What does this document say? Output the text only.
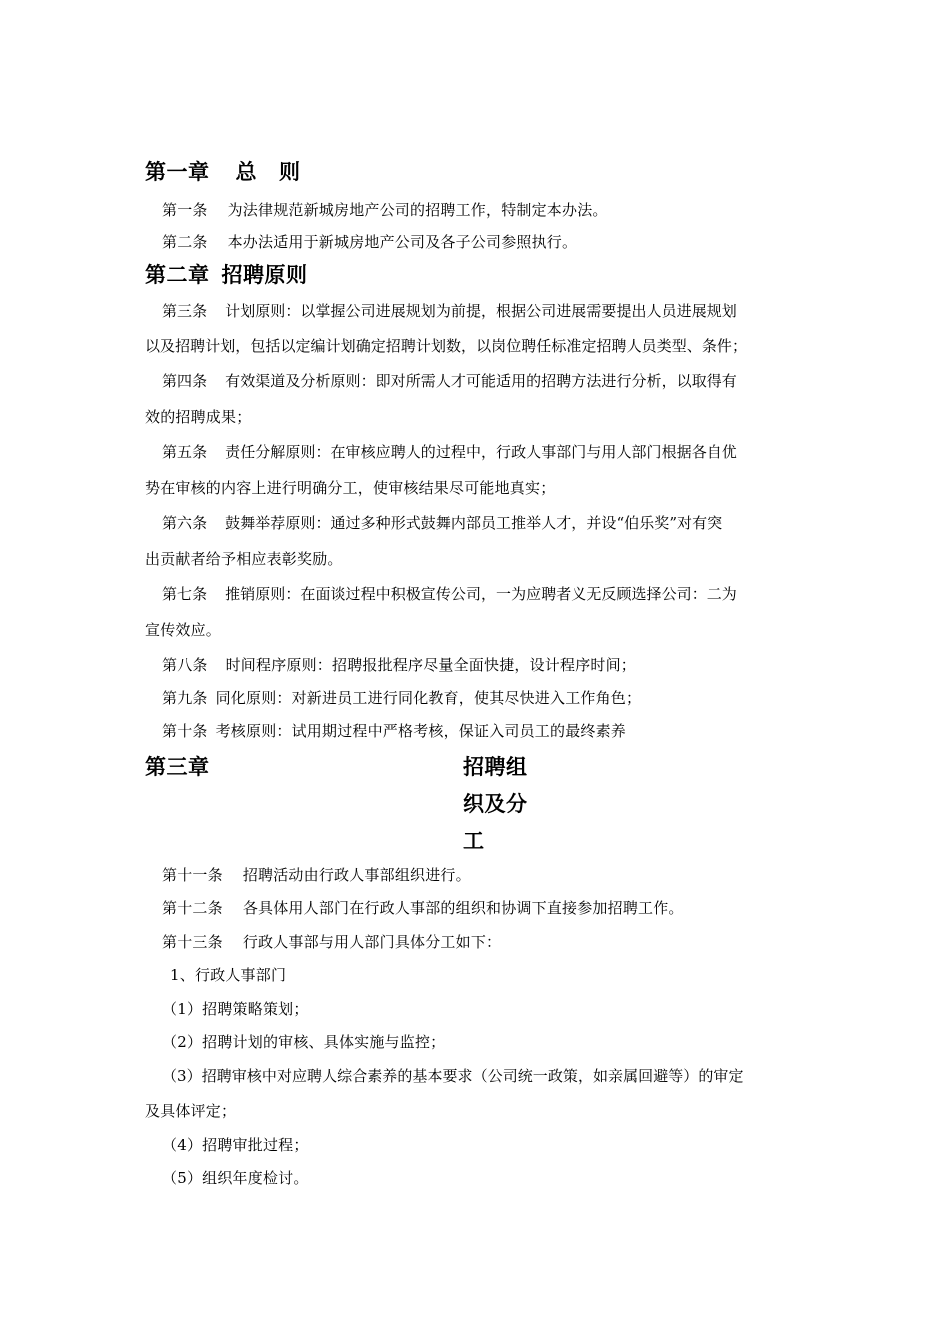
第一章 总 则
第一条 为法律规范新城房地产公司的招聘工作，特制定本办法。
第二条 本办法适用于新城房地产公司及各子公司参照执行。
第二章 招聘原则
第三条 计划原则：以掌握公司进展规划为前提，根据公司进展需要提出人员进展规划
以及招聘计划，包括以定编计划确定招聘计划数，以岗位聘任标准定招聘人员类型、条件；
第四条 有效渠道及分析原则：即对所需人才可能适用的招聘方法进行分析，以取得有
效的招聘成果；
第五条 责任分解原则：在审核应聘人的过程中，行政人事部门与用人部门根据各自优
势在审核的内容上进行明确分工，使审核结果尽可能地真实；
第六条 鼓舞举荐原则：通过多种形式鼓舞内部员工推举人才，并设“伯乐奖”对有突
出贡献者给予相应表彰奖励。
第七条 推销原则：在面谈过程中积极宣传公司，一为应聘者义无反顾选择公司：二为
宣传效应。
第八条 时间程序原则：招聘报批程序尽量全面快捷，设计程序时间；
第九条 同化原则：对新进员工进行同化教育，使其尽快进入工作角色；
第十条 考核原则：试用期过程中严格考核，保证入司员工的最终素养
第三章	招聘组
织及分
工
第十一条 招聘活动由行政人事部组织进行。
第十二条 各具体用人部门在行政人事部的组织和协调下直接参加招聘工作。
第十三条 行政人事部与用人部门具体分工如下：
1、行政人事部门
（1）招聘策略策划；
（2）招聘计划的审核、具体实施与监控；
（3）招聘审核中对应聘人综合素养的基本要求（公司统一政策，如亲属回避等）的审定
及具体评定；
（4）招聘审批过程；
（5）组织年度检讨。
